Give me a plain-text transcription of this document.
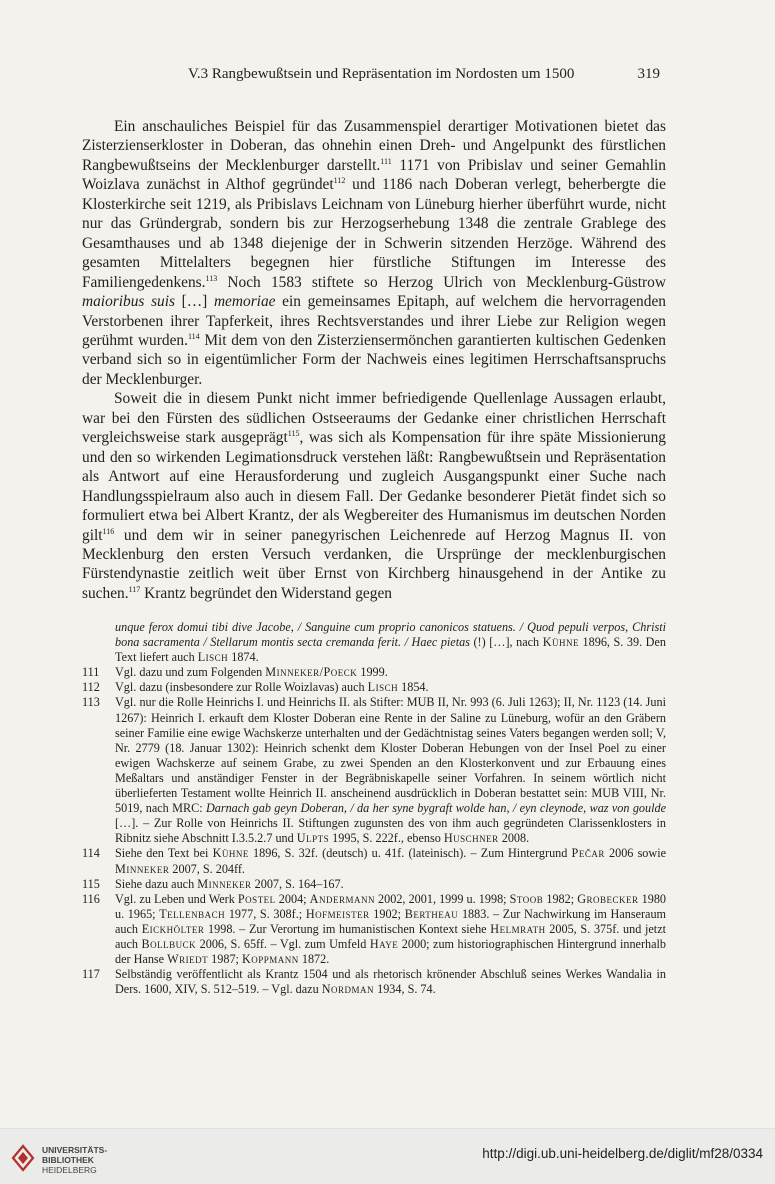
V.3 Rangbewußtsein und Repräsentation im Nordosten um 1500	319

Ein anschauliches Beispiel für das Zusammenspiel derartiger Motivationen bietet das Zisterzienserkloster in Doberan, das ohnehin einen Dreh- und Angelpunkt des fürstlichen Rangbewußtseins der Mecklenburger darstellt.$^{111}$ 1171 von Pribislav und seiner Gemahlin Woizlava zunächst in Althof gegründet$^{112}$ und 1186 nach Doberan verlegt, beherbergte die Klosterkirche seit 1219, als Pribislavs Leichnam von Lüneburg hierher überführt wurde, nicht nur das Gründergrab, sondern bis zur Herzogserhebung 1348 die zentrale Grablege des Gesamthauses und ab 1348 diejenige der in Schwerin sitzenden Herzöge. Während des gesamten Mittelalters begegnen hier fürstliche Stiftungen im Interesse des Familiengedenkens.$^{113}$ Noch 1583 stiftete so Herzog Ulrich von Mecklenburg-Güstrow maioribus suis […] memoriae ein gemeinsames Epitaph, auf welchem die hervorragenden Verstorbenen ihrer Tapferkeit, ihres Rechtsverstandes und ihrer Liebe zur Religion wegen gerühmt wurden.$^{114}$ Mit dem von den Zisterziensermönchen garantierten kultischen Gedenken verband sich so in eigentümlicher Form der Nachweis eines legitimen Herrschaftsanspruchs der Mecklenburger.

Soweit die in diesem Punkt nicht immer befriedigende Quellenlage Aussagen erlaubt, war bei den Fürsten des südlichen Ostseeraums der Gedanke einer christlichen Herrschaft vergleichsweise stark ausgeprägt$^{115}$, was sich als Kompensation für ihre späte Missionierung und den so wirkenden Legimationsdruck verstehen läßt: Rangbewußtsein und Repräsentation als Antwort auf eine Herausforderung und zugleich Ausgangspunkt einer Suche nach Handlungsspielraum also auch in diesem Fall. Der Gedanke besonderer Pietät findet sich so formuliert etwa bei Albert Krantz, der als Wegbereiter des Humanismus im deutschen Norden gilt$^{116}$ und dem wir in seiner panegyrischen Leichenrede auf Herzog Magnus II. von Mecklenburg den ersten Versuch verdanken, die Ursprünge der mecklenburgischen Fürstendynastie zeitlich weit über Ernst von Kirchberg hinausgehend in der Antike zu suchen.$^{117}$ Krantz begründet den Widerstand gegen

unque ferox domui tibi dive Jacobe, / Sanguine cum proprio canonicos statuens. / Quod pepuli verpos, Christi bona sacramenta / Stellarum montis secta cremanda ferit. / Haec pietas (!) […], nach Kühne 1896, S. 39. Den Text liefert auch Lisch 1874.
111 Vgl. dazu und zum Folgenden Minneker/Poeck 1999.
112 Vgl. dazu (insbesondere zur Rolle Woizlavas) auch Lisch 1854.
113 Vgl. nur die Rolle Heinrichs I. und Heinrichs II. als Stifter: MUB II, Nr. 993 (6. Juli 1263); II, Nr. 1123 (14. Juni 1267): Heinrich I. erkauft dem Kloster Doberan eine Rente in der Saline zu Lüneburg, wofür an den Gräbern seiner Familie eine ewige Wachskerze unterhalten und der Gedächtnistag seines Vaters begangen werden soll; V, Nr. 2779 (18. Januar 1302): Heinrich schenkt dem Kloster Doberan Hebungen von der Insel Poel zu einer ewigen Wachskerze auf seinem Grabe, zu zwei Spenden an den Klosterkonvent und zur Erbauung eines Meßaltars und anständiger Fenster in der Begräbniskapelle seiner Vorfahren. In seinem wörtlich nicht überlieferten Testament wollte Heinrich II. anscheinend ausdrücklich in Doberan bestattet sein: MUB VIII, Nr. 5019, nach MRC: Darnach gab geyn Doberan, / da her syne bygraft wolde han, / eyn cleynode, waz von goulde […]. – Zur Rolle von Heinrichs II. Stiftungen zugunsten des von ihm auch gegründeten Clarissenklosters in Ribnitz siehe Abschnitt I.3.5.2.7 und Ulpts 1995, S. 222f., ebenso Huschner 2008.
114 Siehe den Text bei Kühne 1896, S. 32f. (deutsch) u. 41f. (lateinisch). – Zum Hintergrund Pečar 2006 sowie Minneker 2007, S. 204ff.
115 Siehe dazu auch Minneker 2007, S. 164–167.
116 Vgl. zu Leben und Werk Postel 2004; Andermann 2002, 2001, 1999 u. 1998; Stoob 1982; Grobecker 1980 u. 1965; Tellenbach 1977, S. 308f.; Hofmeister 1902; Bertheau 1883. – Zur Nachwirkung im Hanseraum auch Eickhölter 1998. – Zur Verortung im humanistischen Kontext siehe Helmrath 2005, S. 375f. und jetzt auch Bollbuck 2006, S. 65ff. – Vgl. zum Umfeld Haye 2000; zum historiographischen Hintergrund innerhalb der Hanse Wriedt 1987; Koppmann 1872.
117 Selbständig veröffentlicht als Krantz 1504 und als rhetorisch krönender Abschluß seines Werkes Wandalia in Ders. 1600, XIV, S. 512–519. – Vgl. dazu Nordman 1934, S. 74.
UNIVERSITÄTS-
BIBLIOTHEK
HEIDELBERG
http://digi.ub.uni-heidelberg.de/diglit/mf28/0334
